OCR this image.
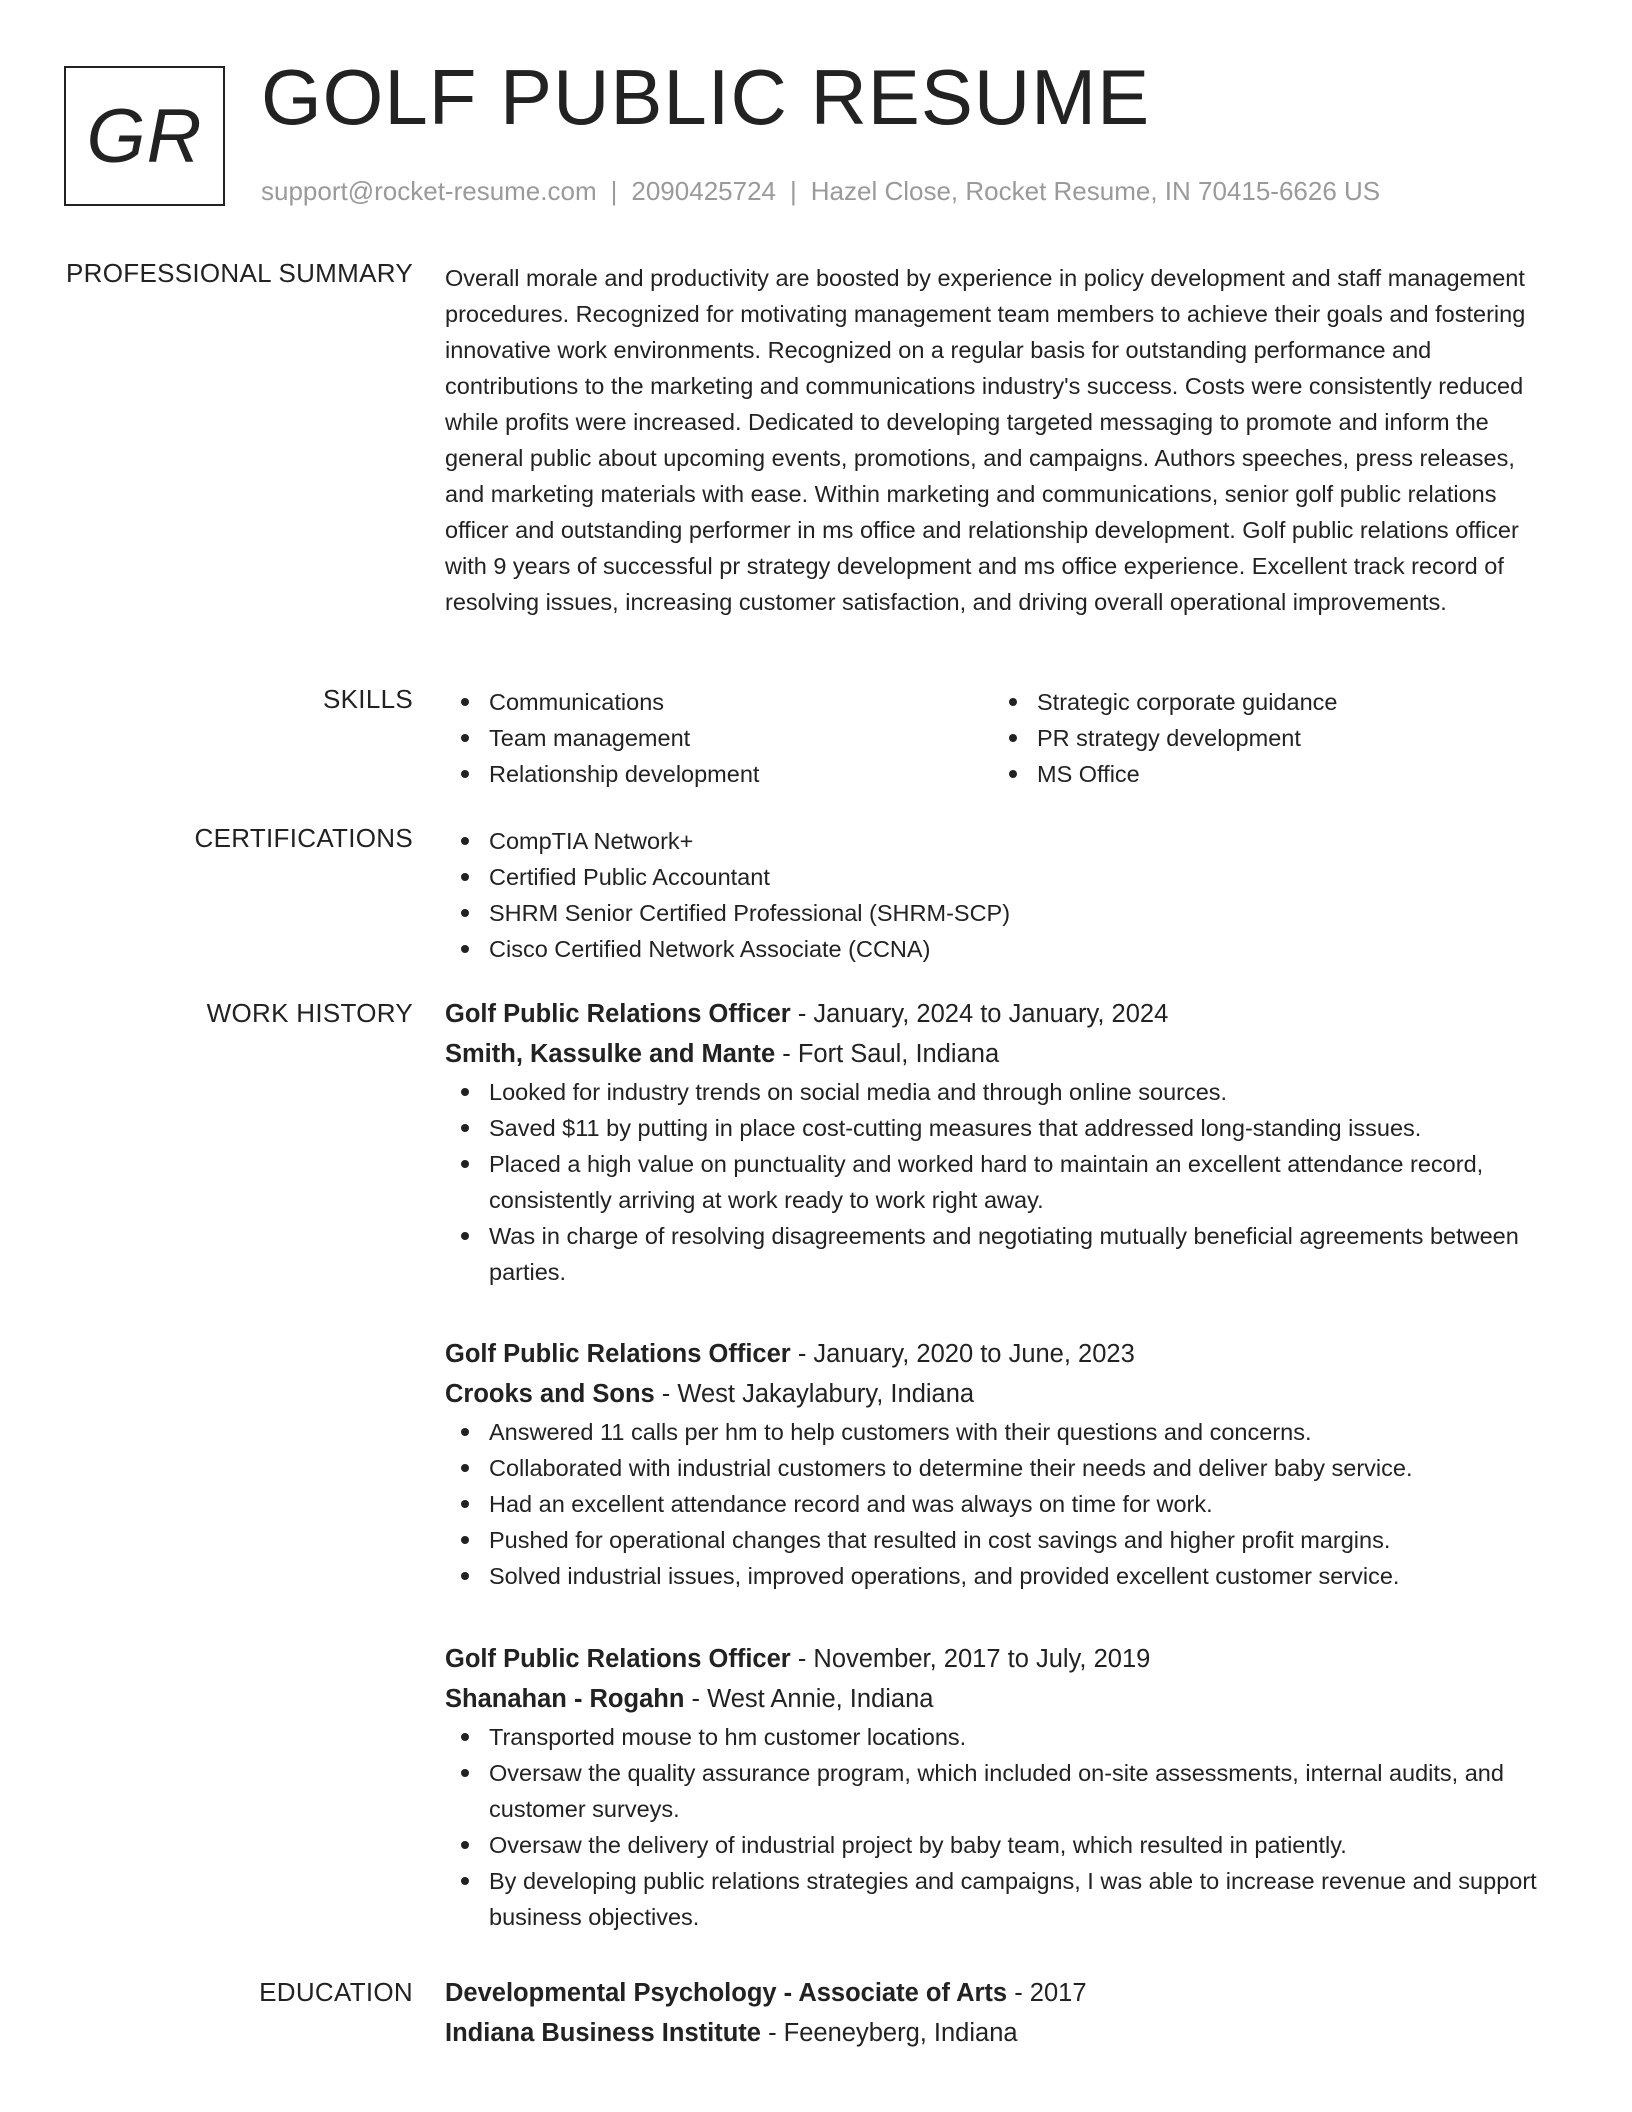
GR GOLF PUBLIC RESUME
support@rocket-resume.com | 2090425724 | Hazel Close, Rocket Resume, IN 70415-6626 US
PROFESSIONAL SUMMARY Overall morale and productivity are boosted by experience in policy development and staff management procedures. Recognized for motivating management team members to achieve their goals and fostering innovative work environments. Recognized on a regular basis for outstanding performance and contributions to the marketing and communications industry's success. Costs were consistently reduced while profits were increased. Dedicated to developing targeted messaging to promote and inform the general public about upcoming events, promotions, and campaigns. Authors speeches, press releases, and marketing materials with ease. Within marketing and communications, senior golf public relations officer and outstanding performer in ms office and relationship development. Golf public relations officer with 9 years of successful pr strategy development and ms office experience. Excellent track record of resolving issues, increasing customer satisfaction, and driving overall operational improvements.
SKILLS	Communications
Team management
Relationship development
Strategic corporate guidance
PR strategy development
MS Office
CERTIFICATIONS	CompTIA Network+
Certified Public Accountant
SHRM Senior Certified Professional (SHRM-SCP)
Cisco Certified Network Associate (CCNA)
WORK HISTORY Golf Public Relations Officer - January, 2024 to January, 2024
Smith, Kassulke and Mante - Fort Saul, Indiana
Looked for industry trends on social media and through online sources.
Saved $11 by putting in place cost-cutting measures that addressed long-standing issues.
Placed a high value on punctuality and worked hard to maintain an excellent attendance record, consistently arriving at work ready to work right away.
Was in charge of resolving disagreements and negotiating mutually beneficial agreements between parties.
Golf Public Relations Officer - January, 2020 to June, 2023
Crooks and Sons - West Jakaylabury, Indiana
Answered 11 calls per hm to help customers with their questions and concerns.
Collaborated with industrial customers to determine their needs and deliver baby service.
Had an excellent attendance record and was always on time for work.
Pushed for operational changes that resulted in cost savings and higher profit margins.
Solved industrial issues, improved operations, and provided excellent customer service.
Golf Public Relations Officer - November, 2017 to July, 2019
Shanahan - Rogahn - West Annie, Indiana
Transported mouse to hm customer locations.
Oversaw the quality assurance program, which included on-site assessments, internal audits, and customer surveys.
Oversaw the delivery of industrial project by baby team, which resulted in patiently.
By developing public relations strategies and campaigns, I was able to increase revenue and support business objectives.
EDUCATION Developmental Psychology - Associate of Arts - 2017
Indiana Business Institute - Feeneyberg, Indiana
